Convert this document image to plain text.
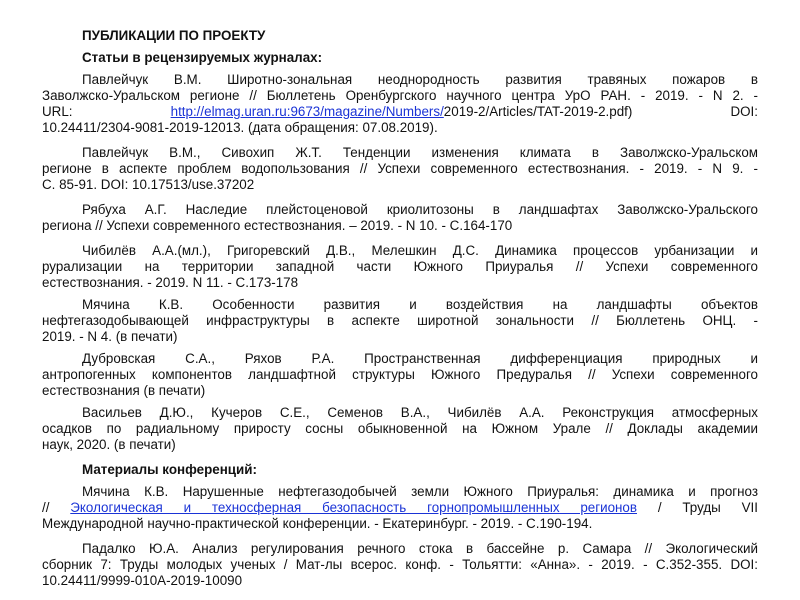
ПУБЛИКАЦИИ ПО ПРОЕКТУ
Статьи в рецензируемых журналах:
Павлейчук В.М. Широтно-зональная неоднородность развития травяных пожаров в
Заволжско-Уральском регионе // Бюллетень Оренбургского научного центра УрО РАН. - 2019. - N 2. -
URL:	http://elmag.uran.ru:9673/magazine/Numbers/2019-2/Articles/TAT-2019-2.pdf)	DOI:
10.24411/2304-9081-2019-12013. (дата обращения: 07.08.2019).
Павлейчук В.М., Сивохип Ж.Т. Тенденции изменения климата в Заволжско-Уральском
регионе в аспекте проблем водопользования // Успехи современного естествознания. - 2019. - N 9. -
С. 85-91. DOI: 10.17513/use.37202
Рябуха А.Г. Наследие плейстоценовой криолитозоны в ландшафтах Заволжско-Уральского
региона // Успехи современного естествознания. – 2019. - N 10. - С.164-170
Чибилёв А.А.(мл.), Григоревский Д.В., Мелешкин Д.С. Динамика процессов урбанизации и
рурализации на территории западной части Южного Приуралья // Успехи современного
естествознания. - 2019. N 11. - С.173-178
Мячина К.В. Особенности развития и воздействия на ландшафты объектов
нефтегазодобывающей инфраструктуры в аспекте широтной зональности // Бюллетень ОНЦ. -
2019. - N 4. (в печати)
Дубровская С.А., Ряхов Р.А. Пространственная дифференциация природных и
антропогенных компонентов ландшафтной структуры Южного Предуралья // Успехи современного
естествознания (в печати)
Васильев Д.Ю., Кучеров С.Е., Семенов В.А., Чибилёв А.А. Реконструкция атмосферных
осадков по радиальному приросту сосны обыкновенной на Южном Урале // Доклады академии
наук, 2020. (в печати)
Материалы конференций:
Мячина К.В. Нарушенные нефтегазодобычей земли Южного Приуралья: динамика и прогноз
// Экологическая и техносферная безопасность горнопромышленных регионов / Труды VII
Международной научно-практической конференции. - Екатеринбург. - 2019. - С.190-194.
Падалко Ю.А. Анализ регулирования речного стока в бассейне р. Самара // Экологический
сборник 7: Труды молодых ученых / Мат-лы всерос. конф. - Тольятти: «Анна». - 2019. - С.352-355. DOI:
10.24411/9999-010A-2019-10090
